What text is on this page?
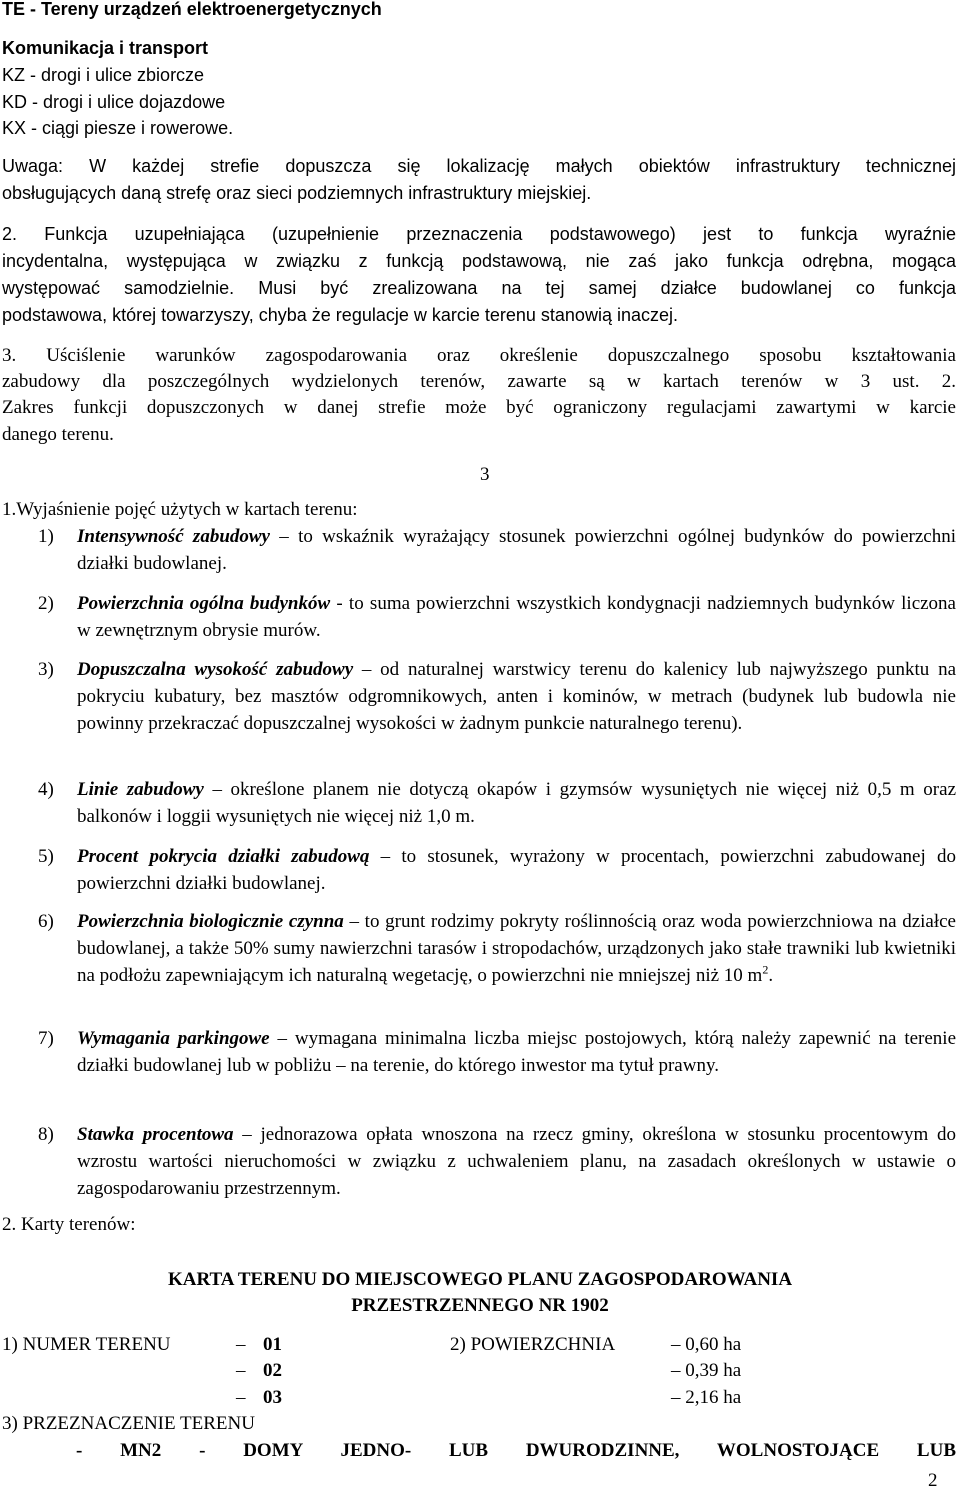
TE - Tereny urządzeń elektroenergetycznych
Komunikacja i transport
KZ - drogi i ulice zbiorcze
KD - drogi i ulice dojazdowe
KX - ciągi piesze i rowerowe.
Uwaga: W każdej strefie dopuszcza się lokalizację małych obiektów infrastruktury technicznej
obsługujących daną strefę oraz sieci podziemnych infrastruktury miejskiej.
2. Funkcja uzupełniająca (uzupełnienie przeznaczenia podstawowego) jest to funkcja wyraźnie
incydentalna, występująca w związku z funkcją podstawową, nie zaś jako funkcja odrębna, mogąca
występować samodzielnie. Musi być zrealizowana na tej samej działce budowlanej co funkcja
podstawowa, której towarzyszy, chyba że regulacje w karcie terenu stanowią inaczej.
3. Uściślenie warunków zagospodarowania oraz określenie dopuszczalnego sposobu kształtowania
zabudowy dla poszczególnych wydzielonych terenów, zawarte są w kartach terenów w 3 ust. 2.
Zakres funkcji dopuszczonych w danej strefie może być ograniczony regulacjami zawartymi w karcie
danego terenu.
3
1.Wyjaśnienie pojęć użytych w kartach terenu:
1) Intensywność zabudowy – to wskaźnik wyrażający stosunek powierzchni ogólnej budynków do powierzchni działki budowlanej.
2) Powierzchnia ogólna budynków - to suma powierzchni wszystkich kondygnacji nadziemnych budynków liczona w zewnętrznym obrysie murów.
3) Dopuszczalna wysokość zabudowy – od naturalnej warstwicy terenu do kalenicy lub najwyższego punktu na pokryciu kubatury, bez masztów odgromnikowych, anten i kominów, w metrach (budynek lub budowla nie powinny przekraczać dopuszczalnej wysokości w żadnym punkcie naturalnego terenu).
4) Linie zabudowy – określone planem nie dotyczą okapów i gzymsów wysuniętych nie więcej niż 0,5 m oraz balkonów i loggii wysuniętych nie więcej niż 1,0 m.
5) Procent pokrycia działki zabudową – to stosunek, wyrażony w procentach, powierzchni zabudowanej do powierzchni działki budowlanej.
6) Powierzchnia biologicznie czynna – to grunt rodzimy pokryty roślinnością oraz woda powierzchniowa na działce budowlanej, a także 50% sumy nawierzchni tarasów i stropodachów, urządzonych jako stałe trawniki lub kwietniki na podłożu zapewniającym ich naturalną wegetację, o powierzchni nie mniejszej niż 10 $m^2$.
7) Wymagania parkingowe – wymagana minimalna liczba miejsc postojowych, którą należy zapewnić na terenie działki budowlanej lub w pobliżu – na terenie, do którego inwestor ma tytuł prawny.
8) Stawka procentowa – jednorazowa opłata wnoszona na rzecz gminy, określona w stosunku procentowym do wzrostu wartości nieruchomości w związku z uchwaleniem planu, na zasadach określonych w ustawie o zagospodarowaniu przestrzennym.
2. Karty terenów:
KARTA TERENU DO MIEJSCOWEGO PLANU ZAGOSPODAROWANIA
PRZESTRZENNEGO NR 1902
1) NUMER TERENU	2) POWIERZCHNIA
– 01	– 0,60 ha
– 02	– 0,39 ha
– 03	– 2,16 ha
3) PRZEZNACZENIE TERENU
- MN2 - DOMY JEDNO- LUB DWURODZINNE, WOLNOSTOJĄCE LUB
2
